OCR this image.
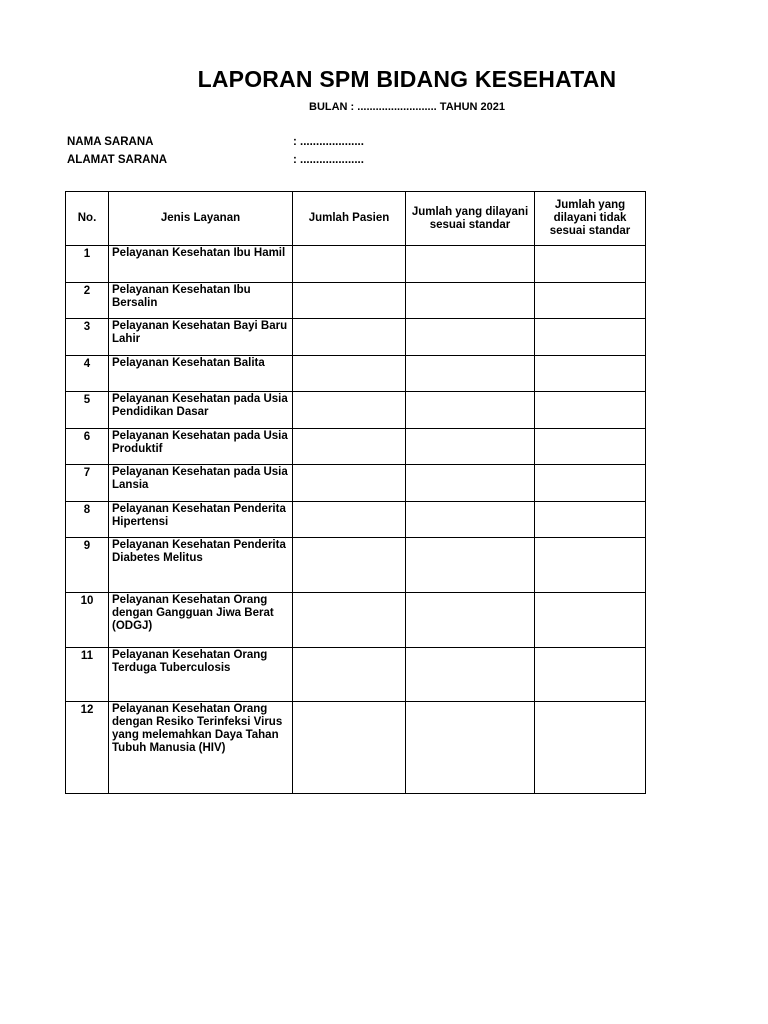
LAPORAN SPM BIDANG KESEHATAN
BULAN : .......................... TAHUN 2021
NAMA SARANA	: ....................
ALAMAT SARANA	: ....................
No.	Jenis Layanan	Jumlah Pasien	Jumlah yang dilayani sesuai standar	Jumlah yang dilayani tidak sesuai standar
1	Pelayanan Kesehatan Ibu Hamil			
2	Pelayanan Kesehatan Ibu Bersalin			
3	Pelayanan Kesehatan Bayi Baru Lahir			
4	Pelayanan Kesehatan Balita			
5	Pelayanan Kesehatan pada Usia Pendidikan Dasar			
6	Pelayanan Kesehatan pada Usia Produktif			
7	Pelayanan Kesehatan pada Usia Lansia			
8	Pelayanan Kesehatan Penderita Hipertensi			
9	Pelayanan Kesehatan Penderita Diabetes Melitus			
10	Pelayanan Kesehatan Orang dengan Gangguan Jiwa Berat (ODGJ)			
11	Pelayanan Kesehatan Orang Terduga Tuberculosis			
12	Pelayanan Kesehatan Orang dengan Resiko Terinfeksi Virus yang melemahkan Daya Tahan Tubuh Manusia (HIV)			
